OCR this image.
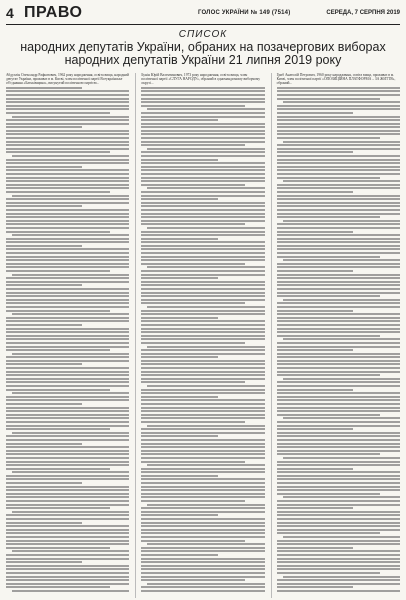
4 ПРАВО	ГОЛОС УКРАЇНИ № 149 (7514)	СЕРЕДА, 7 СЕРПНЯ 2019
СПИСОК
народних депутатів України, обраних на позачергових виборах
народних депутатів України 21 липня 2019 року
Абдуллін Олександр Рафкатович, 1962 року народження, освіта вища, народний депутат України, проживає в м. Києві, член політичної партії Всеукраїнське об'єднання «Батьківщина», висунутий політичною партією...
Бунін Юрій Валентинович, 1973 року народження, освіта вища, член політичної партії «СЛУГА НАРОДУ», обраний в одномандатному виборчому окрузі...
Гриб Анатолій Петрович, 1960 року народження, освіта вища, проживає в м. Києві, член політичної партії «ОПОЗИЦІЙНА ПЛАТФОРМА – ЗА ЖИТТЯ», обраний...
